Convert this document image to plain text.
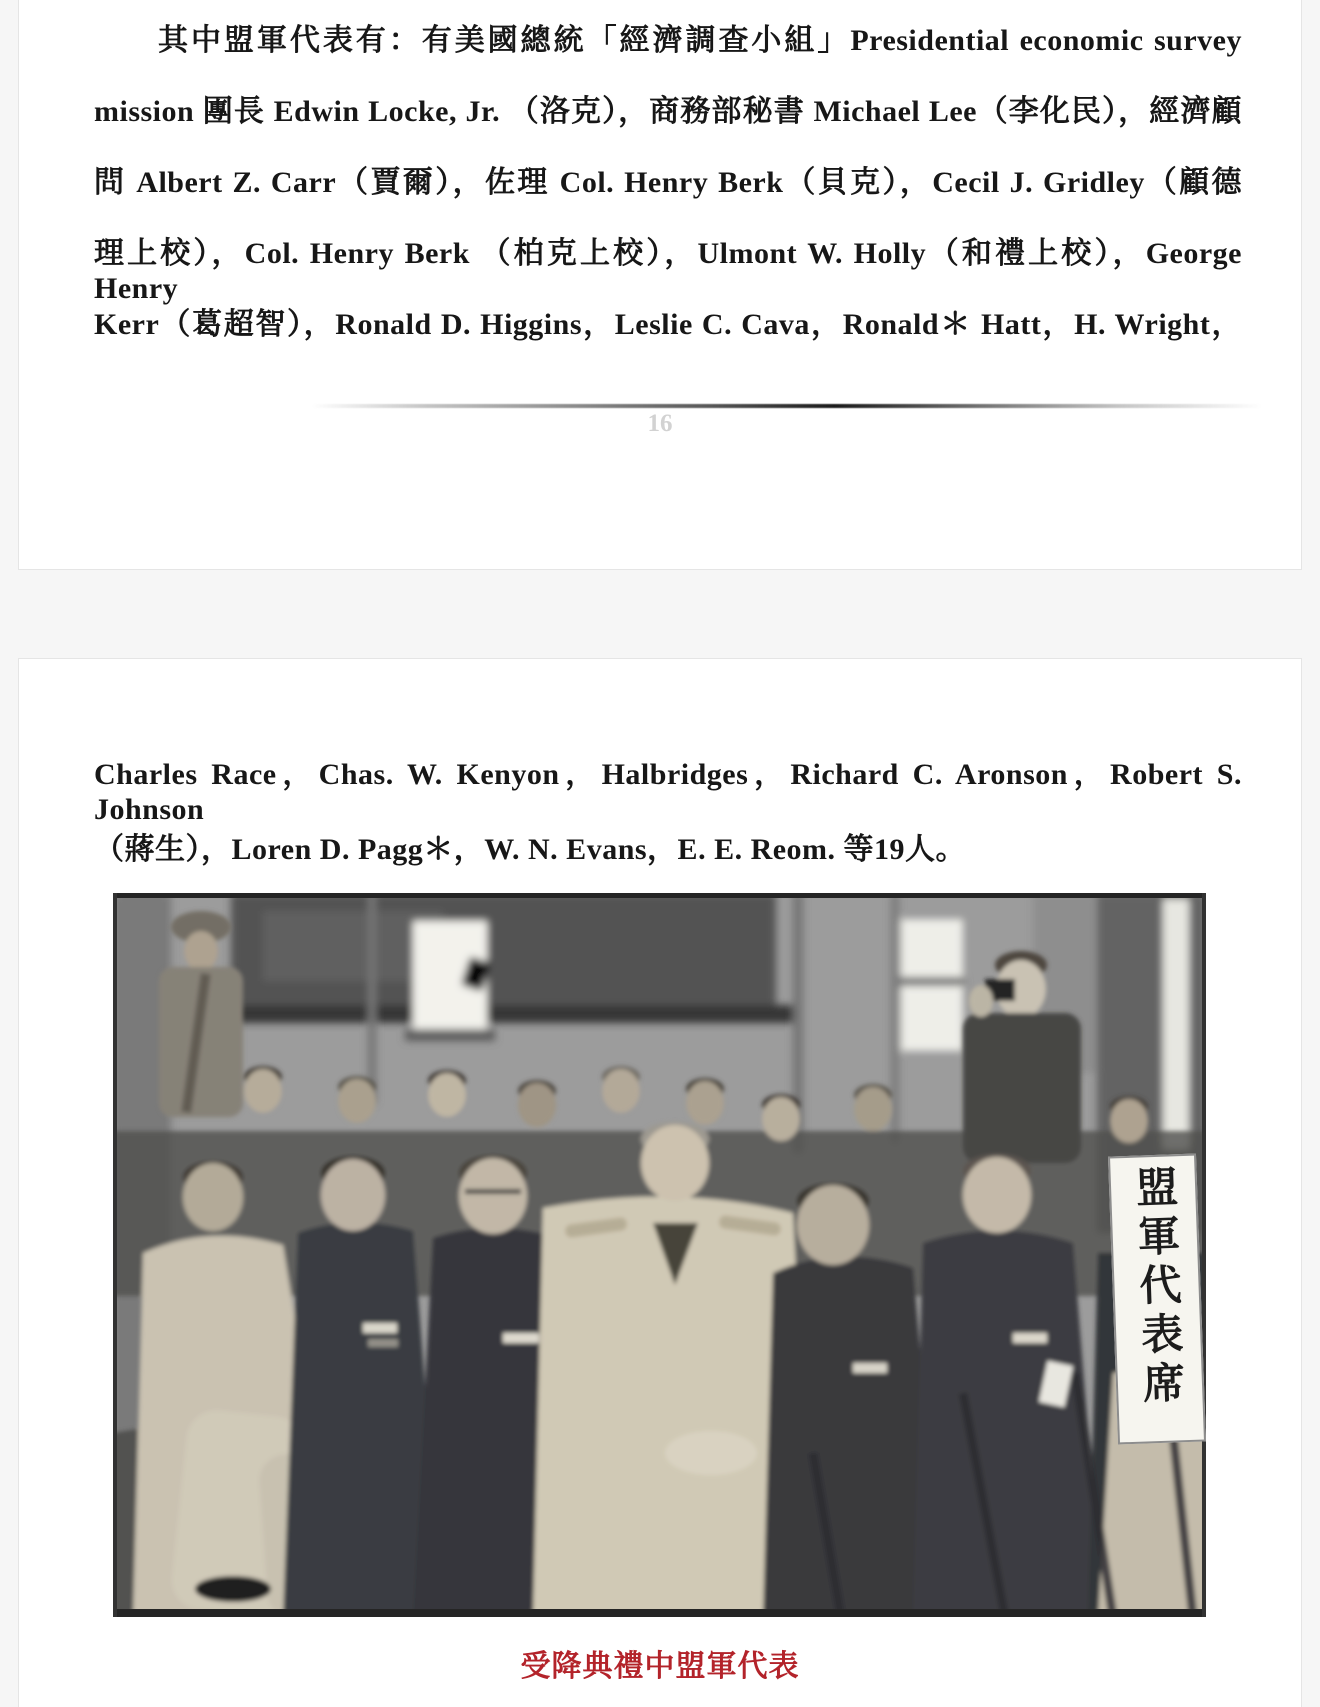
其中盟軍代表有：有美國總統「經濟調查小組」Presidential economic survey
mission 團長 Edwin Locke, Jr. （洛克），商務部秘書 Michael Lee（李化民），經濟顧
問 Albert Z. Carr（賈爾），佐理 Col. Henry Berk（貝克），Cecil J. Gridley（顧德
理上校），Col. Henry Berk （柏克上校），Ulmont W. Holly（和禮上校），George Henry
Kerr（葛超智），Ronald D. Higgins，Leslie C. Cava，Ronald＊ Hatt，H. Wright，
16
Charles Race，Chas. W. Kenyon，Halbridges，Richard C. Aronson，Robert S. Johnson
（蔣生），Loren D. Pagg＊，W. N. Evans，E. E. Reom. 等19人。
盟軍代表席
受降典禮中盟軍代表
